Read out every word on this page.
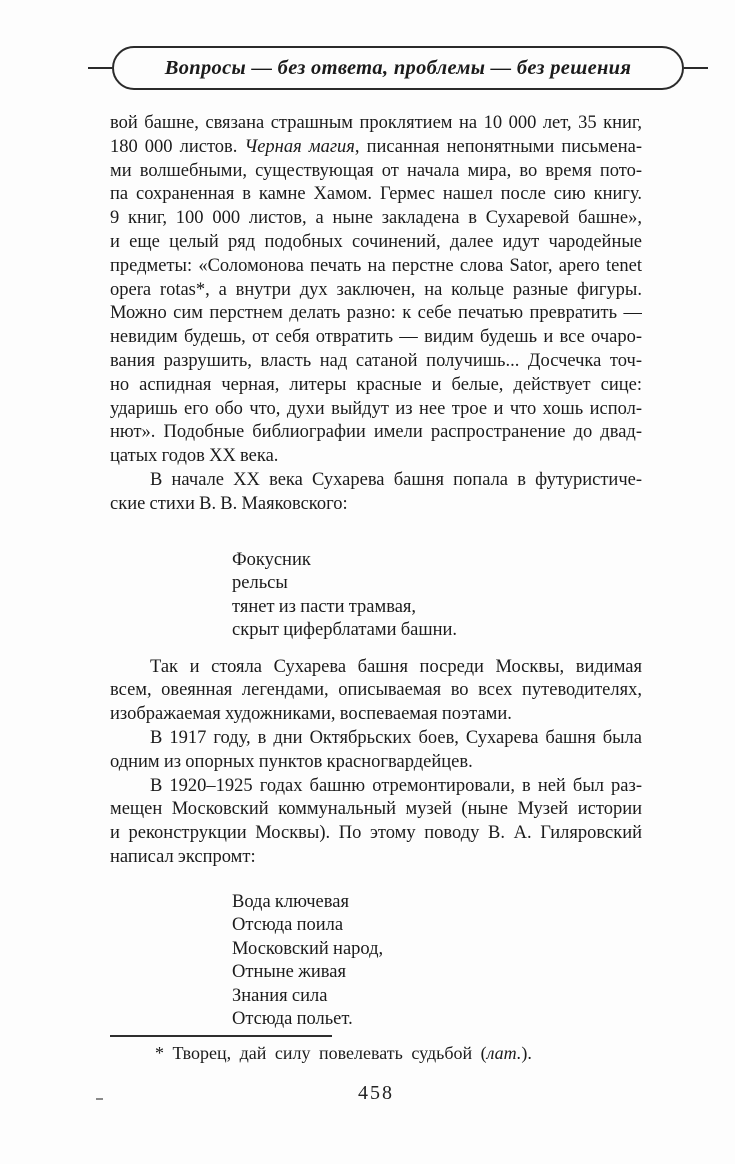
Вопросы — без ответа, проблемы — без решения
вой башне, связана страшным проклятием на 10 000 лет, 35 книг,
180 000 листов. Черная магия, писанная непонятными письмена-
ми волшебными, существующая от начала мира, во время пото-
па сохраненная в камне Хамом. Гермес нашел после сию книгу.
9 книг, 100 000 листов, а ныне закладена в Сухаревой башне»,
и еще целый ряд подобных сочинений, далее идут чародейные
предметы: «Соломонова печать на перстне слова Sator, apero tenet
opera rotas*, а внутри дух заключен, на кольце разные фигуры.
Можно сим перстнем делать разно: к себе печатью превратить —
невидим будешь, от себя отвратить — видим будешь и все очаро-
вания разрушить, власть над сатаной получишь... Досчечка точ-
но аспидная черная, литеры красные и белые, действует сице:
ударишь его обо что, духи выйдут из нее трое и что хошь испол-
нют». Подобные библиографии имели распространение до двад-
цатых годов XX века.
В начале XX века Сухарева башня попала в футуристиче-
ские стихи В. В. Маяковского:
Фокусник
рельсы
тянет из пасти трамвая,
скрыт циферблатами башни.
Так и стояла Сухарева башня посреди Москвы, видимая
всем, овеянная легендами, описываемая во всех путеводителях,
изображаемая художниками, воспеваемая поэтами.
В 1917 году, в дни Октябрьских боев, Сухарева башня была
одним из опорных пунктов красногвардейцев.
В 1920–1925 годах башню отремонтировали, в ней был раз-
мещен Московский коммунальный музей (ныне Музей истории
и реконструкции Москвы). По этому поводу В. А. Гиляровский
написал экспромт:
Вода ключевая
Отсюда поила
Московский народ,
Отныне живая
Знания сила
Отсюда польет.
* Творец, дай силу повелевать судьбой (лат.).
458
